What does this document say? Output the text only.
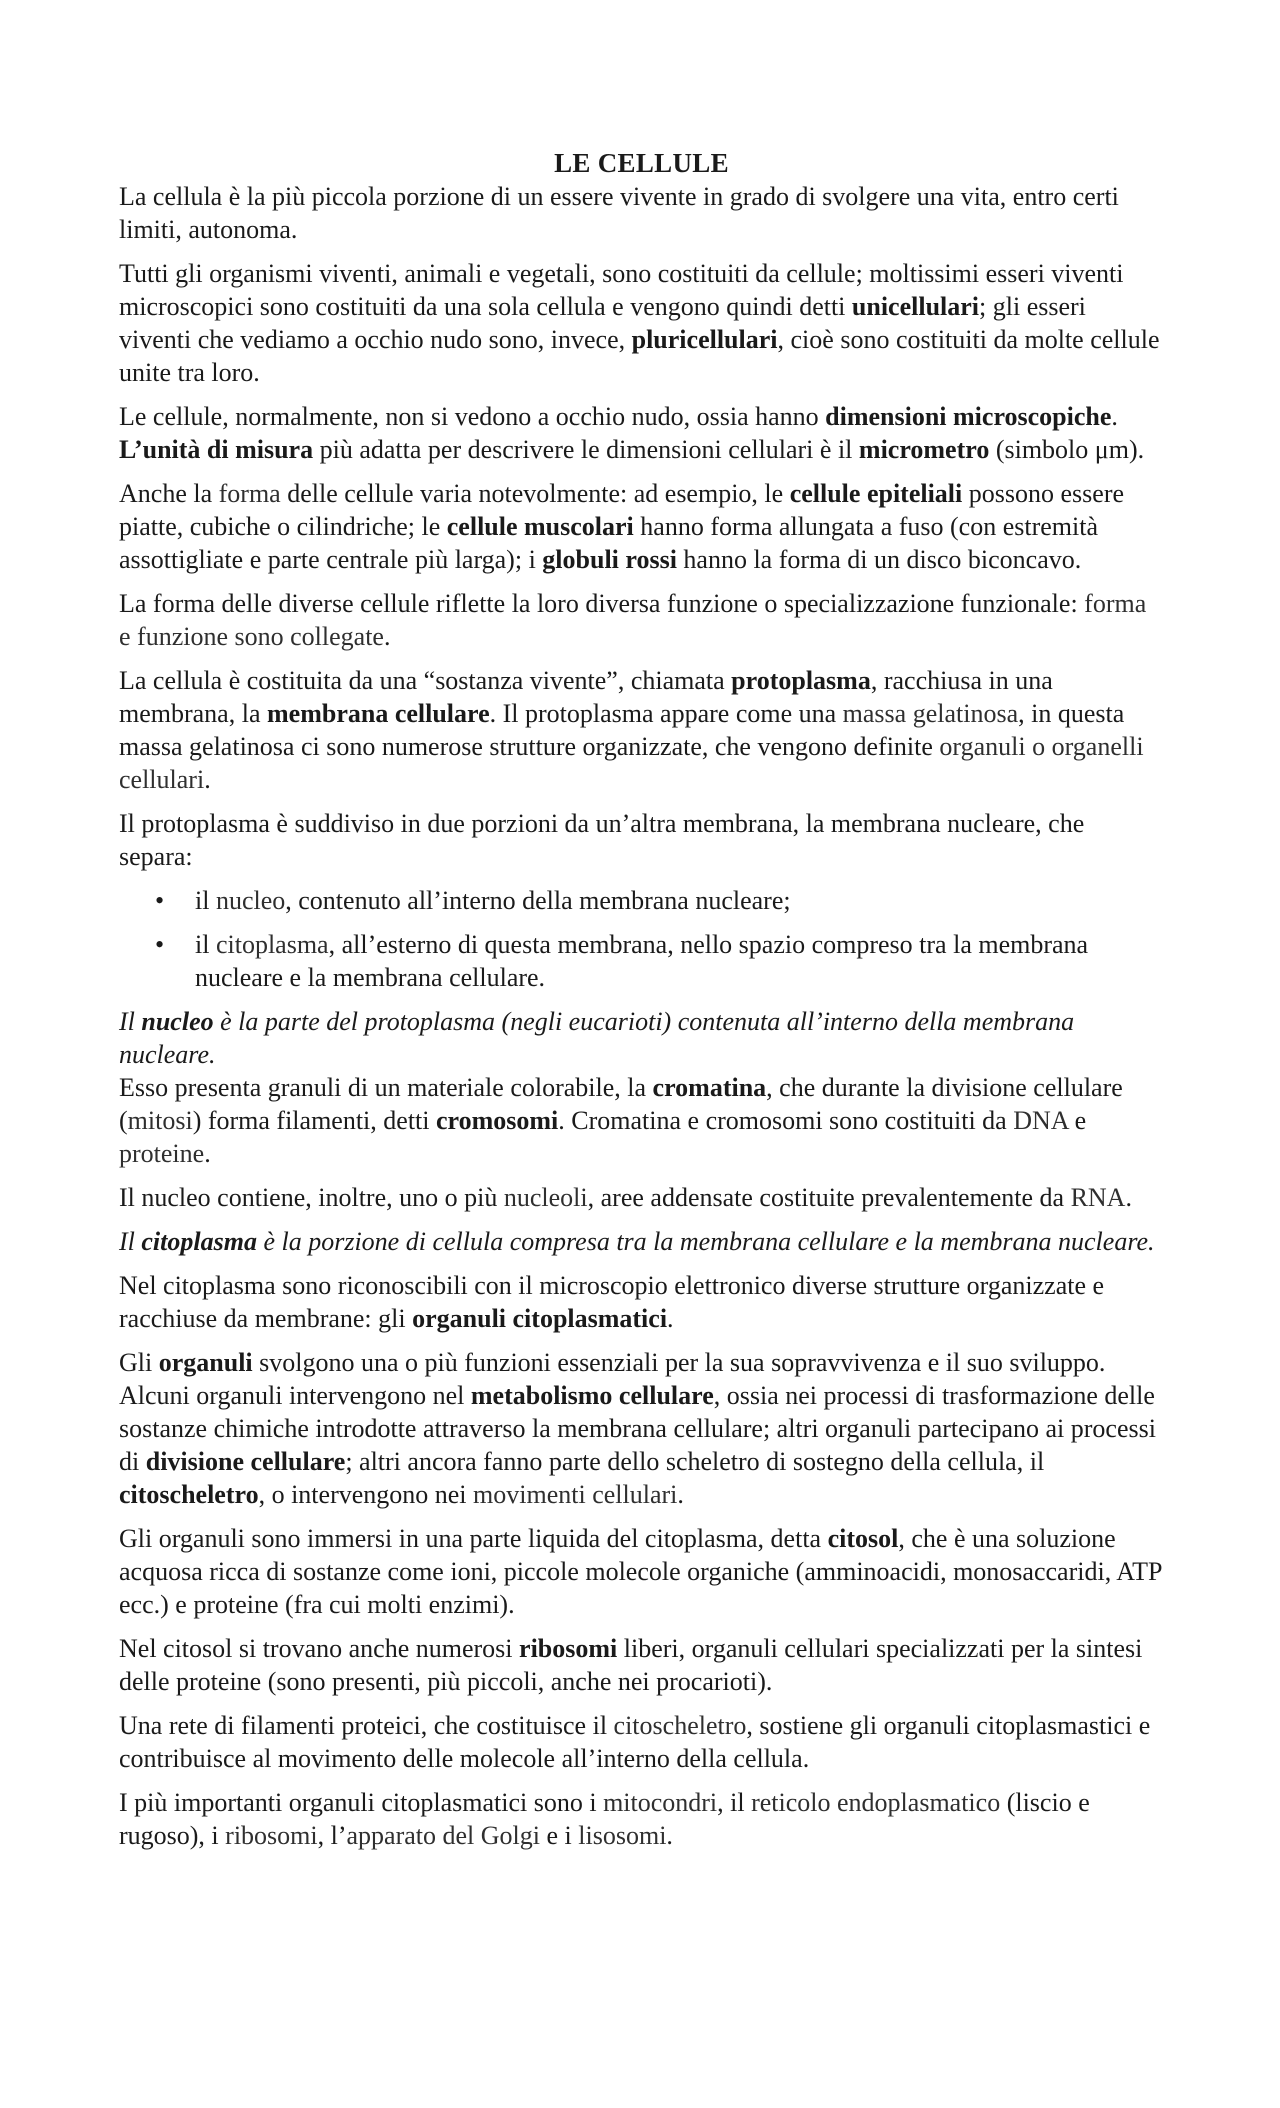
LE CELLULE

La cellula è la più piccola porzione di un essere vivente in grado di svolgere una vita, entro certi limiti, autonoma.

Tutti gli organismi viventi, animali e vegetali, sono costituiti da cellule; moltissimi esseri viventi microscopici sono costituiti da una sola cellula e vengono quindi detti unicellulari; gli esseri viventi che vediamo a occhio nudo sono, invece, pluricellulari, cioè sono costituiti da molte cellule unite tra loro.

Le cellule, normalmente, non si vedono a occhio nudo, ossia hanno dimensioni microscopiche. L’unità di misura più adatta per descrivere le dimensioni cellulari è il micrometro (simbolo μm).

Anche la forma delle cellule varia notevolmente: ad esempio, le cellule epiteliali possono essere piatte, cubiche o cilindriche; le cellule muscolari hanno forma allungata a fuso (con estremità assottigliate e parte centrale più larga); i globuli rossi hanno la forma di un disco biconcavo.

La forma delle diverse cellule riflette la loro diversa funzione o specializzazione funzionale: forma e funzione sono collegate.

La cellula è costituita da una “sostanza vivente”, chiamata protoplasma, racchiusa in una membrana, la membrana cellulare. Il protoplasma appare come una massa gelatinosa, in questa massa gelatinosa ci sono numerose strutture organizzate, che vengono definite organuli o organelli cellulari.

Il protoplasma è suddiviso in due porzioni da un’altra membrana, la membrana nucleare, che separa:

• il nucleo, contenuto all’interno della membrana nucleare;
• il citoplasma, all’esterno di questa membrana, nello spazio compreso tra la membrana nucleare e la membrana cellulare.

Il nucleo è la parte del protoplasma (negli eucarioti) contenuta all’interno della membrana nucleare.

Esso presenta granuli di un materiale colorabile, la cromatina, che durante la divisione cellulare (mitosi) forma filamenti, detti cromosomi. Cromatina e cromosomi sono costituiti da DNA e proteine.

Il nucleo contiene, inoltre, uno o più nucleoli, aree addensate costituite prevalentemente da RNA.

Il citoplasma è la porzione di cellula compresa tra la membrana cellulare e la membrana nucleare.

Nel citoplasma sono riconoscibili con il microscopio elettronico diverse strutture organizzate e racchiuse da membrane: gli organuli citoplasmatici.

Gli organuli svolgono una o più funzioni essenziali per la sua sopravvivenza e il suo sviluppo. Alcuni organuli intervengono nel metabolismo cellulare, ossia nei processi di trasformazione delle sostanze chimiche introdotte attraverso la membrana cellulare; altri organuli partecipano ai processi di divisione cellulare; altri ancora fanno parte dello scheletro di sostegno della cellula, il citoscheletro, o intervengono nei movimenti cellulari.

Gli organuli sono immersi in una parte liquida del citoplasma, detta citosol, che è una soluzione acquosa ricca di sostanze come ioni, piccole molecole organiche (amminoacidi, monosaccaridi, ATP ecc.) e proteine (fra cui molti enzimi).

Nel citosol si trovano anche numerosi ribosomi liberi, organuli cellulari specializzati per la sintesi delle proteine (sono presenti, più piccoli, anche nei procarioti).

Una rete di filamenti proteici, che costituisce il citoscheletro, sostiene gli organuli citoplasmastici e contribuisce al movimento delle molecole all’interno della cellula.

I più importanti organuli citoplasmatici sono i mitocondri, il reticolo endoplasmatico (liscio e rugoso), i ribosomi, l’apparato del Golgi e i lisosomi.
